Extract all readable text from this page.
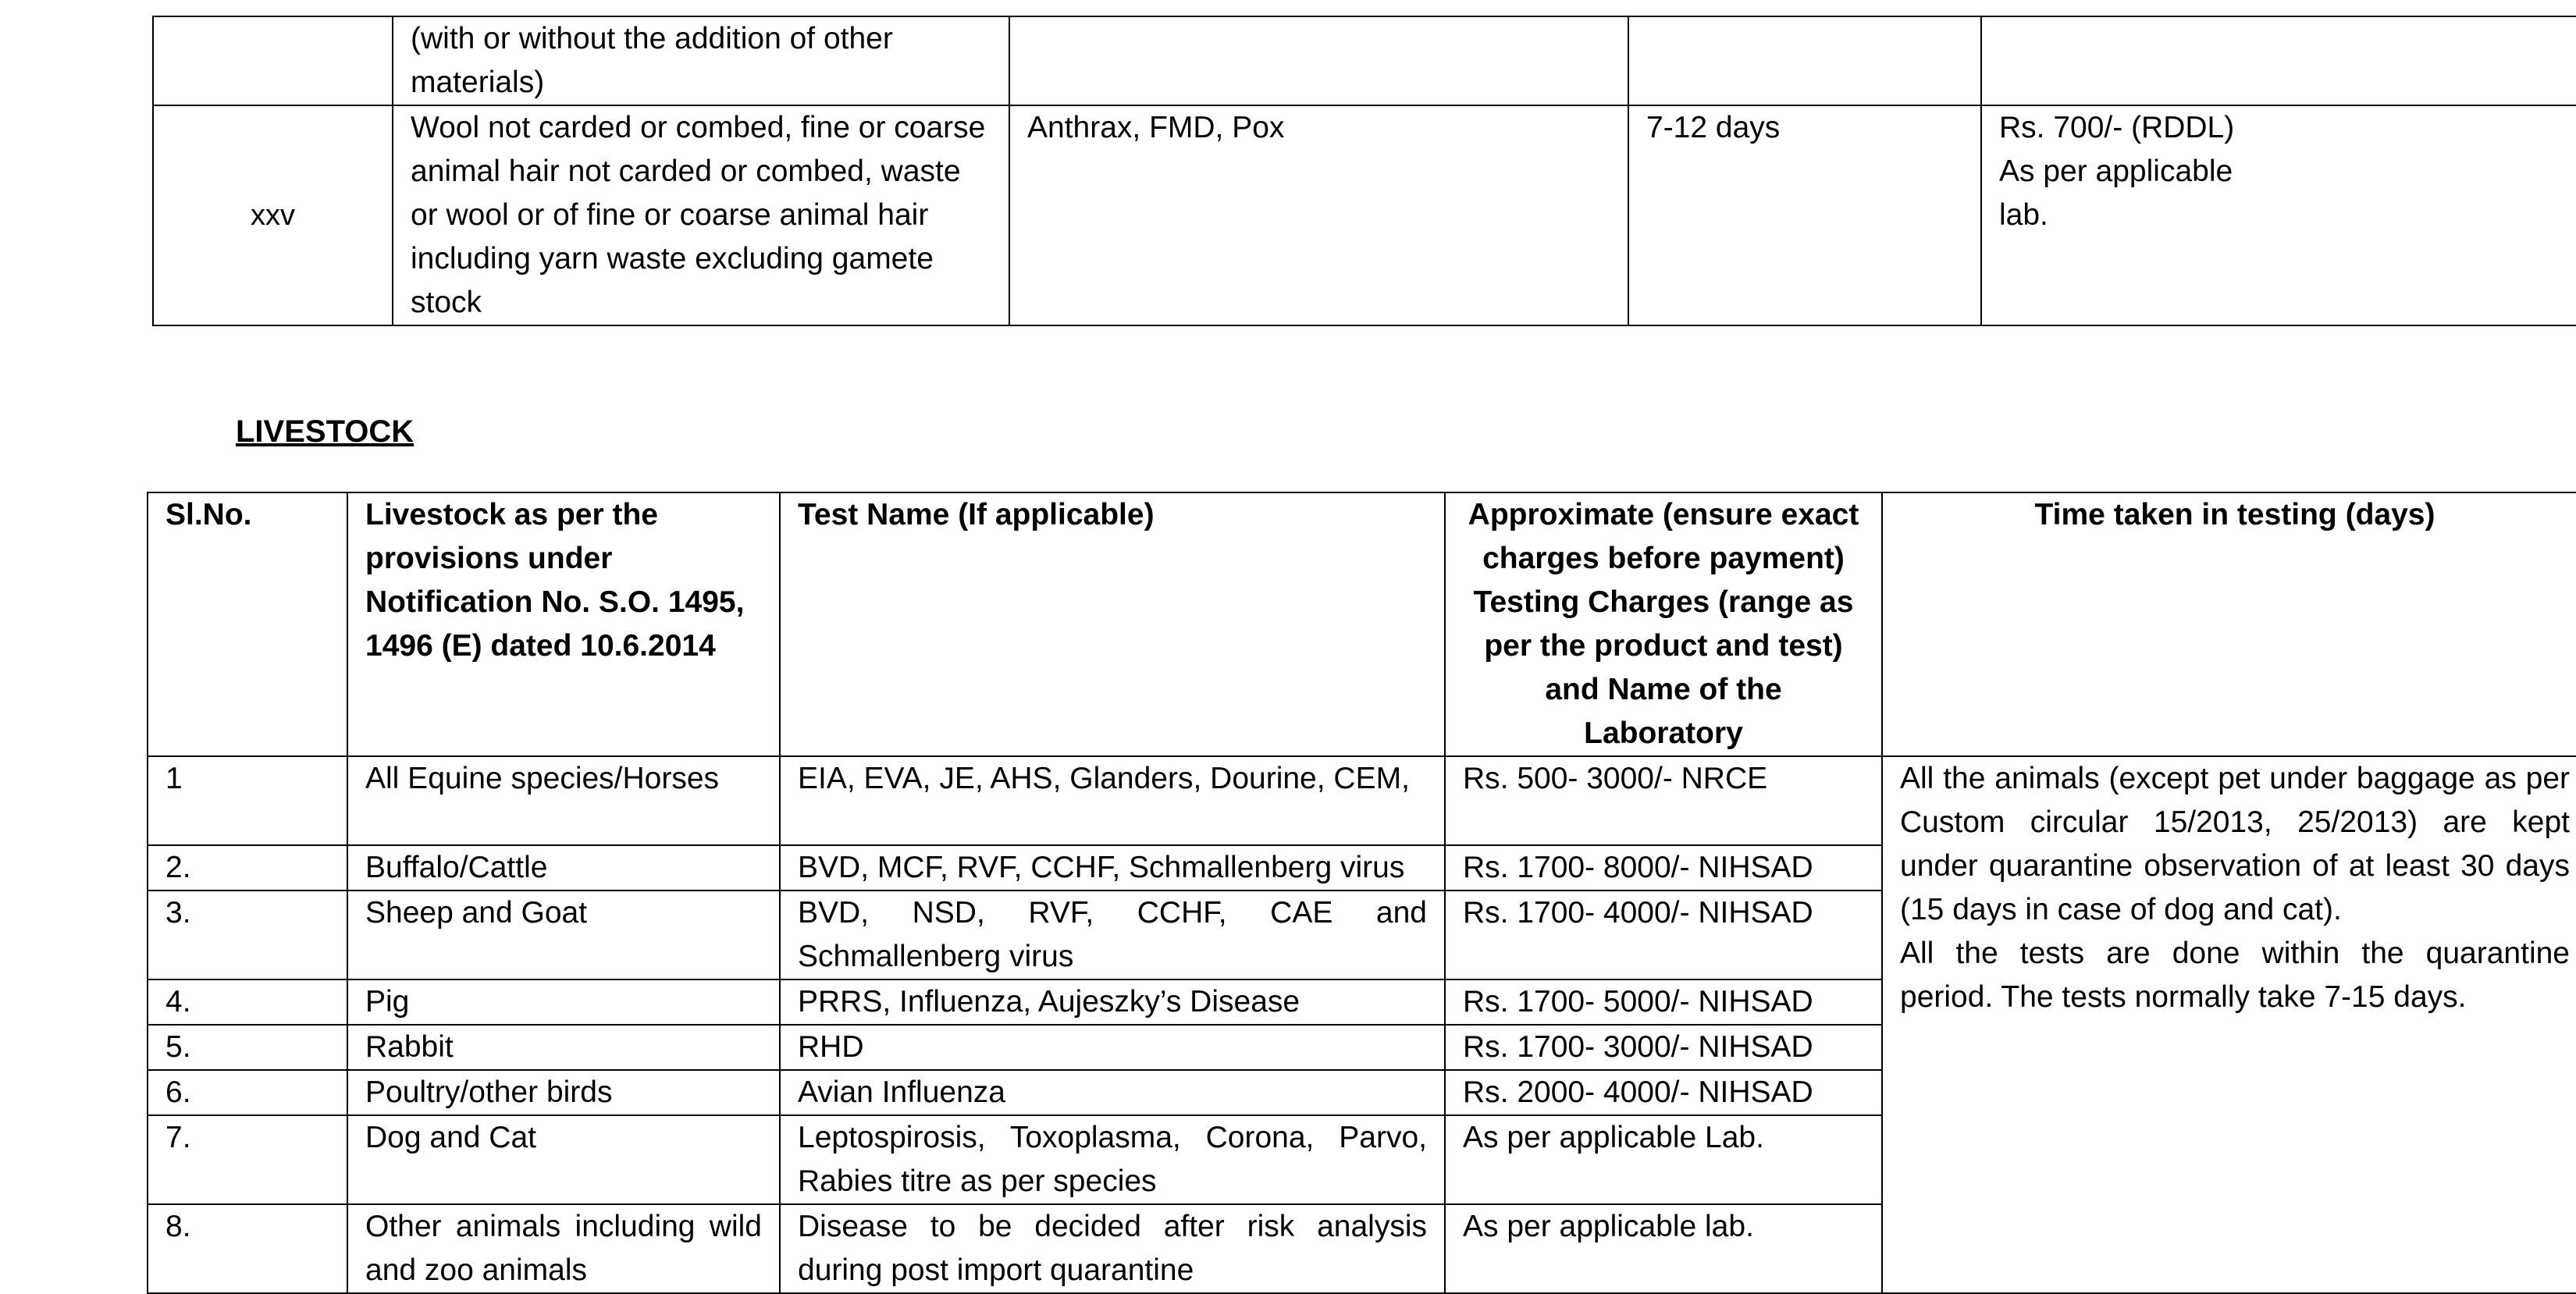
	(with or without the addition of other materials)			
xxv	Wool not carded or combed, fine or coarse animal hair not carded or combed, waste or wool or of fine or coarse animal hair including yarn waste excluding gamete stock	Anthrax, FMD, Pox	7-12 days	Rs. 700/- (RDDL)
As per applicable lab.
LIVESTOCK
Sl.No.	Livestock as per the provisions under Notification No. S.O. 1495, 1496 (E) dated 10.6.2014	Test Name (If applicable)	Approximate (ensure exact charges before payment) Testing Charges (range as per the product and test) and Name of the Laboratory	Time taken in testing (days)
1	All Equine species/Horses	EIA, EVA, JE, AHS, Glanders, Dourine, CEM,	Rs. 500- 3000/- NRCE	All the animals (except pet under baggage as per Custom circular 15/2013, 25/2013) are kept under quarantine observation of at least 30 days (15 days in case of dog and cat).
All the tests are done within the quarantine period. The tests normally take 7-15 days.

2.	Buffalo/Cattle	BVD, MCF, RVF, CCHF, Schmallenberg virus	Rs. 1700- 8000/- NIHSAD	
3.	Sheep and Goat	BVD, NSD, RVF, CCHF, CAE and Schmallenberg virus	Rs. 1700- 4000/- NIHSAD	
4.	Pig	PRRS, Influenza, Aujeszky’s Disease	Rs. 1700- 5000/- NIHSAD	
5.	Rabbit	RHD	Rs. 1700- 3000/- NIHSAD	
6.	Poultry/other birds	Avian Influenza	Rs. 2000- 4000/- NIHSAD	
7.	Dog and Cat	Leptospirosis, Toxoplasma, Corona, Parvo, Rabies titre as per species	As per applicable Lab.	
8.	Other animals including wild and zoo animals	Disease to be decided after risk analysis during post import quarantine	As per applicable lab.	
